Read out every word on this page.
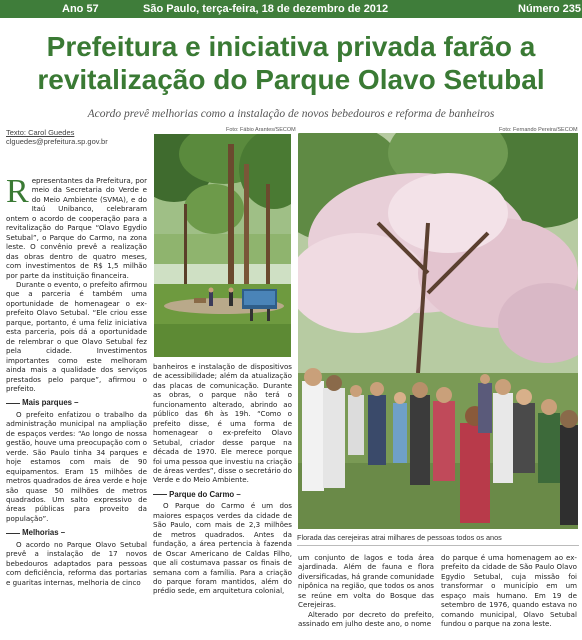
Ano 57	São Paulo, terça-feira, 18 de dezembro de 2012	Número 235
Prefeitura e iniciativa privada farão a revitalização do Parque Olavo Setubal
Acordo prevê melhorias como a instalação de novos bebedouros e reforma de banheiros
Texto: Carol Guedes
clguedes@prefeitura.sp.gov.br
Foto: Fábio Arantes/SECOM	Foto: Fernando Pereira/SECOM
Florada das cerejeiras atrai milhares de pessoas todos os anos

Representantes da Prefeitura, por meio da Secretaria do Verde e do Meio Ambiente (SVMA), e do Itaú Unibanco, celebraram ontem o acordo de cooperação para a revitalização do Parque “Olavo Egydio Setubal”, o Parque do Carmo, na zona leste. O convênio prevê a realização das obras dentro de quatro meses, com investimentos de R$ 1,5 milhão por parte da instituição financeira.

Durante o evento, o prefeito afirmou que a parceria é também uma oportunidade de homenagear o ex-prefeito Olavo Setubal. “Ele criou esse parque, portanto, é uma feliz iniciativa esta parceria, pois dá a oportunidade de relembrar o que Olavo Setubal fez pela cidade. Investimentos importantes como este melhoram ainda mais a qualidade dos serviços prestados pelo parque”, afirmou o prefeito.

Mais parques –

O prefeito enfatizou o trabalho da administração municipal na ampliação de espaços verdes: “Ao longo de nossa gestão, houve uma preocupação com o verde. São Paulo tinha 34 parques e hoje estamos com mais de 90 equipamentos. Eram 15 milhões de metros quadrados de área verde e hoje são quase 50 milhões de metros quadrados. Um salto expressivo de áreas públicas para proveito da população”.

Melhorias –

O acordo no Parque Olavo Setubal prevê a instalação de 17 novos bebedouros adaptados para pessoas com deficiência, reforma das portarias e guaritas internas, melhoria de cinco

banheiros e instalação de dispositivos de acessibilidade; além da atualização das placas de comunicação. Durante as obras, o parque não terá o funcionamento alterado, abrindo ao público das 6h às 19h. “Como o prefeito disse, é uma forma de homenagear o ex-prefeito Olavo Setubal, criador desse parque na década de 1970. Ele merece porque foi uma pessoa que investiu na criação de áreas verdes”, disse o secretário do Verde e do Meio Ambiente.

Parque do Carmo –

O Parque do Carmo é um dos maiores espaços verdes da cidade de São Paulo, com mais de 2,3 milhões de metros quadrados. Antes da fundação, a área pertencia à fazenda de Oscar Americano de Caldas Filho, que ali costumava passar os finais de semana com a família. Para a criação do parque foram mantidos, além do prédio sede, em arquitetura colonial,

um conjunto de lagos e toda área ajardinada. Além de fauna e flora diversificadas, há grande comunidade nipônica na região, que todos os anos se reúne em volta do Bosque das Cerejeiras.

Alterado por decreto do prefeito, assinado em julho deste ano, o nome

do parque é uma homenagem ao ex-prefeito da cidade de São Paulo Olavo Egydio Setubal, cuja missão foi transformar o município em um espaço mais humano. Em 19 de setembro de 1976, quando estava no comando municipal, Olavo Setubal fundou o parque na zona leste.
